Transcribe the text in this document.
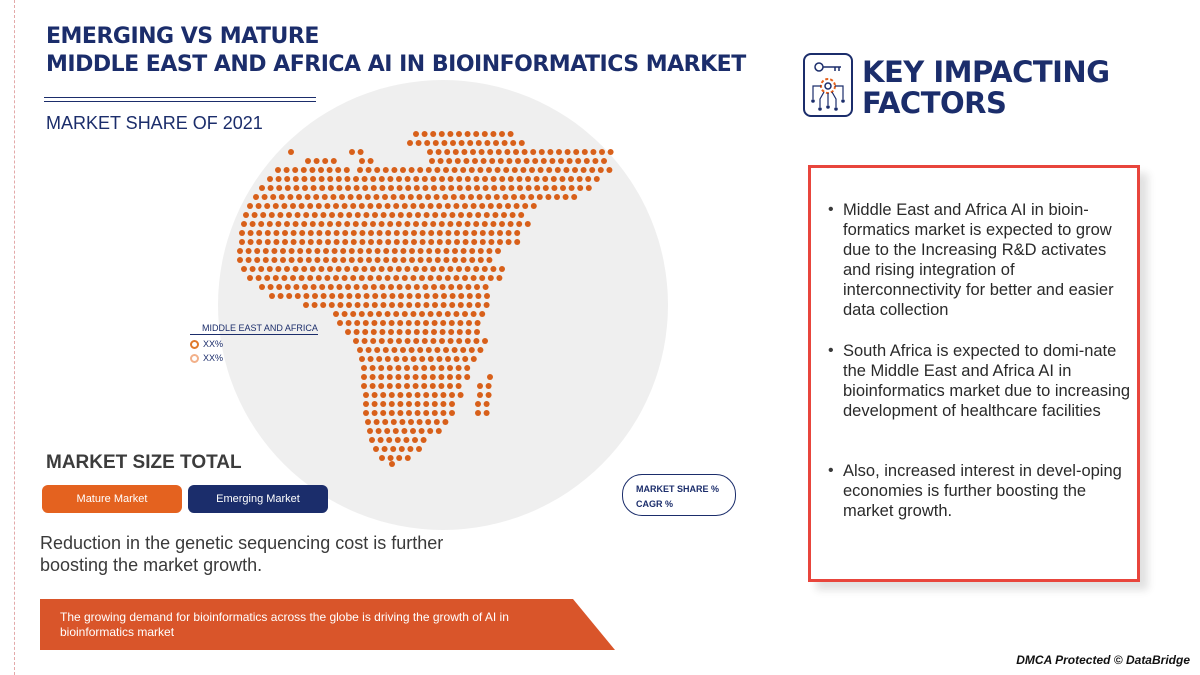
EMERGING VS MATURE
MIDDLE EAST AND AFRICA AI IN BIOINFORMATICS MARKET
MARKET SHARE OF 2021
MIDDLE EAST AND AFRICA
XX%
XX%
MARKET SIZE TOTAL
Mature Market	Emerging Market
MARKET SHARE %
CAGR %
Reduction in the genetic sequencing cost is further boosting the market growth.
The growing demand for bioinformatics across the globe is driving the growth of AI in bioinformatics market
KEY IMPACTING
FACTORS
• Middle East and Africa AI in bioin-formatics market is expected to grow due to the Increasing R&D activates and rising integration of interconnectivity for better and easier data collection
• South Africa is expected to domi-nate the Middle East and Africa AI in bioinformatics market due to increasing development of healthcare facilities
• Also, increased interest in devel-oping economies is further boosting the market growth.
DMCA Protected © DataBridge
